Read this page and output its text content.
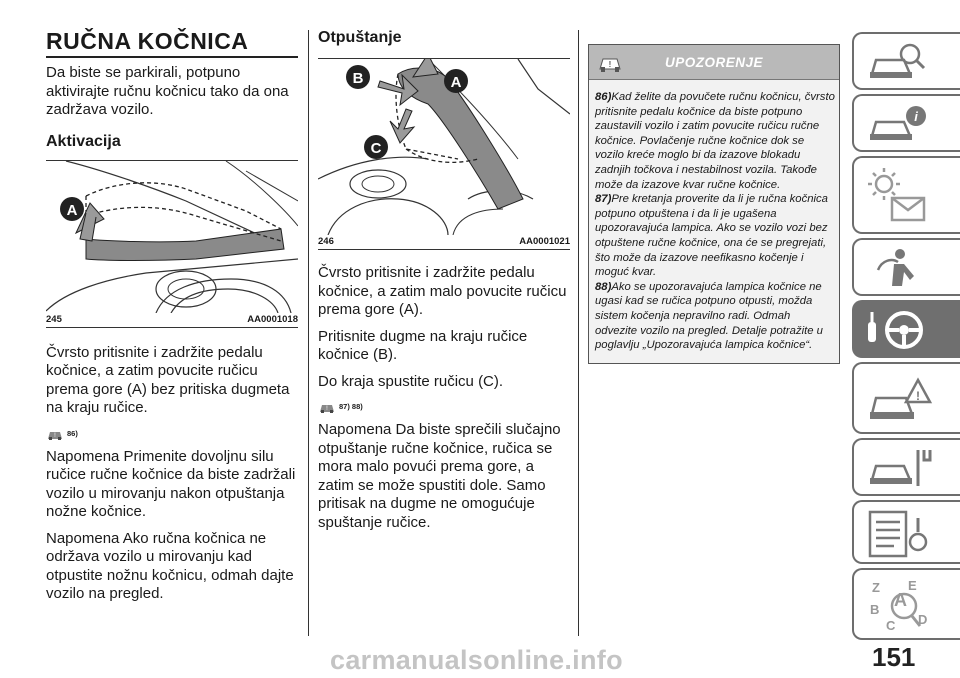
RUČNA KOČNICA

Da biste se parkirali, potpuno aktivirajte ručnu kočnicu tako da ona zadržava vozilo.

Aktivacija
A
245	AA0001018

Čvrsto pritisnite i zadržite pedalu kočnice, a zatim povucite ručicu prema gore (A) bez pritiska dugmeta na kraju ručice.

! 86)

Napomena Primenite dovoljnu silu ručice ručne kočnice da biste zadržali vozilo u mirovanju nakon otpuštanja nožne kočnice.

Napomena Ako ručna kočnica ne održava vozilo u mirovanju kad otpustite nožnu kočnicu, odmah dajte vozilo na pregled.

Otpuštanje
B	A
C
246	AA0001021

Čvrsto pritisnite i zadržite pedalu kočnice, a zatim malo povucite ručicu prema gore (A).

Pritisnite dugme na kraju ručice kočnice (B).

Do kraja spustite ručicu (C).

! 87) 88)

Napomena Da biste sprečili slučajno otpuštanje ručne kočnice, ručica se mora malo povući prema gore, a zatim se može spustiti dole. Samo pritisak na dugme ne omogućuje spuštanje ručice.

!	UPOZORENJE

86)Kad želite da povučete ručnu kočnicu, čvrsto pritisnite pedalu kočnice da biste potpuno zaustavili vozilo i zatim povucite ručicu ručne kočnice. Povlačenje ručne kočnice dok se vozilo kreće moglo bi da izazove blokadu zadnjih točkova i nestabilnost vozila. Takođe može da izazove kvar ručne kočnice.

87)Pre kretanja proverite da li je ručna kočnica potpuno otpuštena i da li je ugašena upozoravajuća lampica. Ako se vozilo vozi bez otpuštene ručne kočnice, ona će se pregrejati, što može da izazove neefikasno kočenje i moguć kvar.

88)Ako se upozoravajuća lampica kočnice ne ugasi kad se ručica potpuno otpusti, možda sistem kočenja nepravilno radi. Odmah odvezite vozilo na pregled. Detalje potražite u poglavlju „Upozoravajuća lampica kočnice“.

i
!
Z E
B A
C D
151
carmanualsonline.info
